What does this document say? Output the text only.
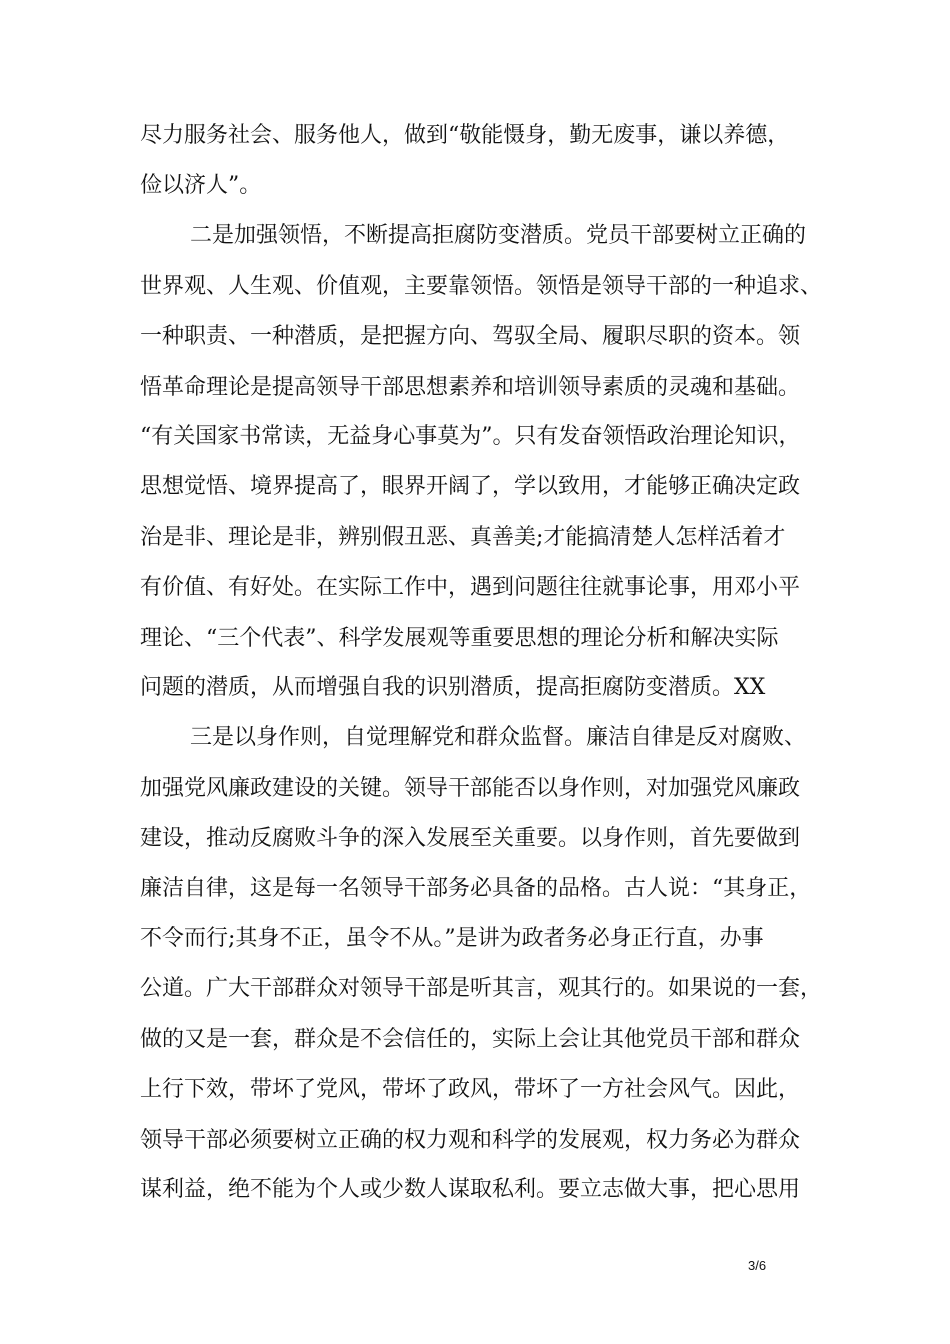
尽力服务社会、服务他人，做到“敬能慑身，勤无废事，谦以养德，
俭以济人”。
二是加强领悟，不断提高拒腐防变潜质。党员干部要树立正确的
世界观、人生观、价值观，主要靠领悟。领悟是领导干部的一种追求、
一种职责、一种潜质，是把握方向、驾驭全局、履职尽职的资本。领
悟革命理论是提高领导干部思想素养和培训领导素质的灵魂和基础。
“有关国家书常读，无益身心事莫为”。只有发奋领悟政治理论知识，
思想觉悟、境界提高了，眼界开阔了，学以致用，才能够正确决定政
治是非、理论是非，辨别假丑恶、真善美;才能搞清楚人怎样活着才
有价值、有好处。在实际工作中，遇到问题往往就事论事，用邓小平
理论、“三个代表”、科学发展观等重要思想的理论分析和解决实际
问题的潜质，从而增强自我的识别潜质，提高拒腐防变潜质。XX
三是以身作则，自觉理解党和群众监督。廉洁自律是反对腐败、
加强党风廉政建设的关键。领导干部能否以身作则，对加强党风廉政
建设，推动反腐败斗争的深入发展至关重要。以身作则，首先要做到
廉洁自律，这是每一名领导干部务必具备的品格。古人说：“其身正，
不令而行;其身不正，虽令不从。”是讲为政者务必身正行直，办事
公道。广大干部群众对领导干部是听其言，观其行的。如果说的一套，
做的又是一套，群众是不会信任的，实际上会让其他党员干部和群众
上行下效，带坏了党风，带坏了政风，带坏了一方社会风气。因此，
领导干部必须要树立正确的权力观和科学的发展观，权力务必为群众
谋利益，绝不能为个人或少数人谋取私利。要立志做大事，把心思用
3/6
